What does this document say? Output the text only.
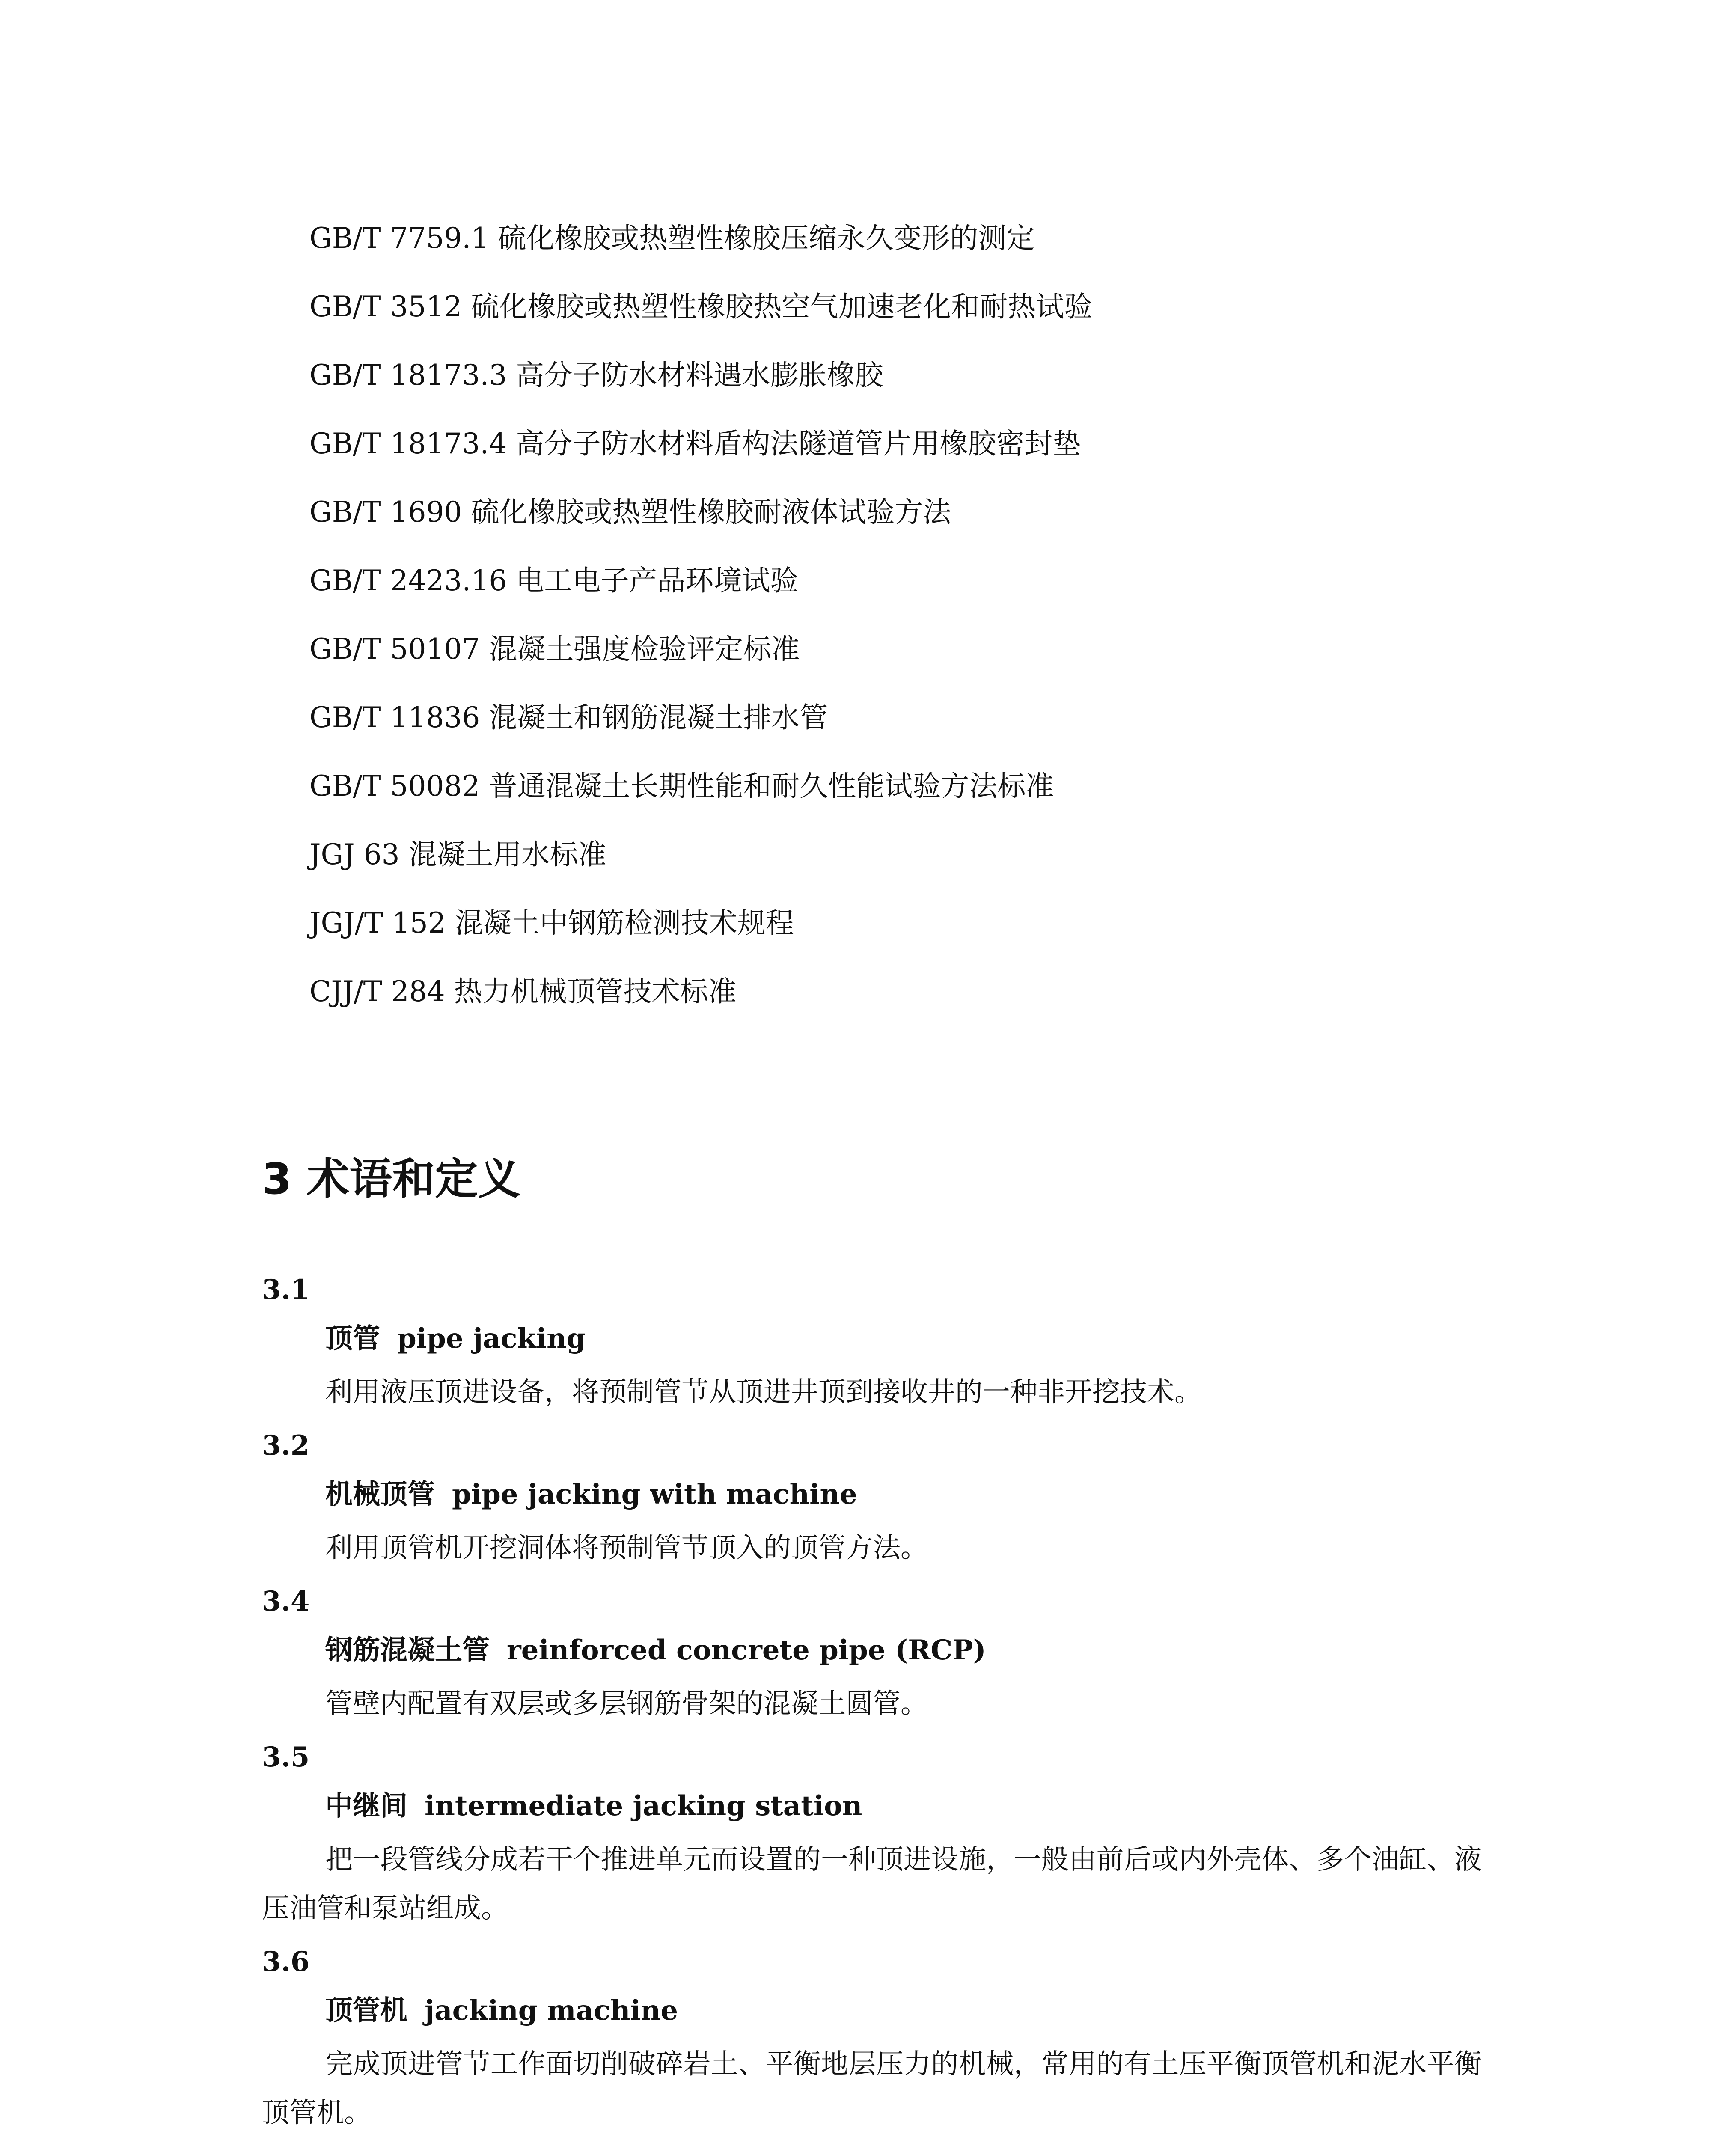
GB/T 7759.1 硫化橡胶或热塑性橡胶压缩永久变形的测定
GB/T 3512 硫化橡胶或热塑性橡胶热空气加速老化和耐热试验
GB/T 18173.3 高分子防水材料遇水膨胀橡胶
GB/T 18173.4 高分子防水材料盾构法隧道管片用橡胶密封垫
GB/T 1690 硫化橡胶或热塑性橡胶耐液体试验方法
GB/T 2423.16 电工电子产品环境试验
GB/T 50107 混凝土强度检验评定标准
GB/T 11836 混凝土和钢筋混凝土排水管
GB/T 50082 普通混凝土长期性能和耐久性能试验方法标准
JGJ 63 混凝土用水标准
JGJ/T 152 混凝土中钢筋检测技术规程
CJJ/T 284 热力机械顶管技术标准
3 术语和定义
3.1
顶管 pipe jacking
利用液压顶进设备，将预制管节从顶进井顶到接收井的一种非开挖技术。
3.2
机械顶管 pipe jacking with machine
利用顶管机开挖洞体将预制管节顶入的顶管方法。
3.4
钢筋混凝土管 reinforced concrete pipe (RCP)
管壁内配置有双层或多层钢筋骨架的混凝土圆管。
3.5
中继间 intermediate jacking station
把一段管线分成若干个推进单元而设置的一种顶进设施，一般由前后或内外壳体、多个油缸、液压油管和泵站组成。
3.6
顶管机 jacking machine
完成顶进管节工作面切削破碎岩土、平衡地层压力的机械，常用的有土压平衡顶管机和泥水平衡顶管机。
